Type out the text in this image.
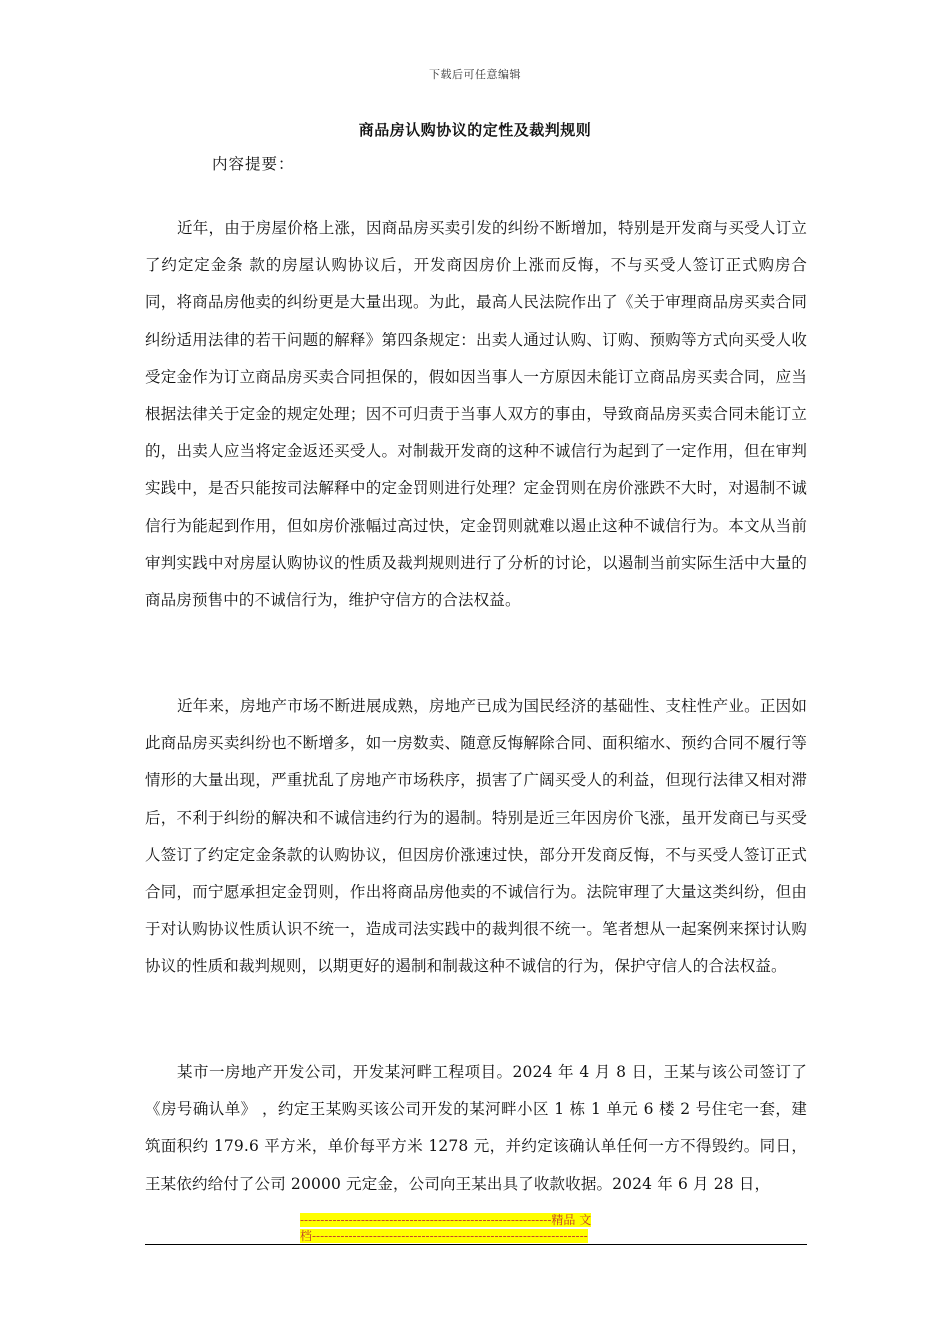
下载后可任意编辑
商品房认购协议的定性及裁判规则
内容提要：

近年，由于房屋价格上涨，因商品房买卖引发的纠纷不断增加，特别是开发商与买受人订立了约定定金条 款的房屋认购协议后，开发商因房价上涨而反悔，不与买受人签订正式购房合同，将商品房他卖的纠纷更是大量出现。为此，最高人民法院作出了《关于审理商品房买卖合同纠纷适用法律的若干问题的解释》第四条规定：出卖人通过认购、订购、预购等方式向买受人收受定金作为订立商品房买卖合同担保的，假如因当事人一方原因未能订立商品房买卖合同，应当根据法律关于定金的规定处理；因不可归责于当事人双方的事由，导致商品房买卖合同未能订立的，出卖人应当将定金返还买受人。对制裁开发商的这种不诚信行为起到了一定作用，但在审判实践中，是否只能按司法解释中的定金罚则进行处理？定金罚则在房价涨跌不大时，对遏制不诚信行为能起到作用，但如房价涨幅过高过快，定金罚则就难以遏止这种不诚信行为。本文从当前审判实践中对房屋认购协议的性质及裁判规则进行了分析的讨论，以遏制当前实际生活中大量的商品房预售中的不诚信行为，维护守信方的合法权益。

近年来，房地产市场不断进展成熟，房地产已成为国民经济的基础性、支柱性产业。正因如此商品房买卖纠纷也不断增多，如一房数卖、随意反悔解除合同、面积缩水、预约合同不履行等情形的大量出现，严重扰乱了房地产市场秩序，损害了广阔买受人的利益，但现行法律又相对滞后，不利于纠纷的解决和不诚信违约行为的遏制。特别是近三年因房价飞涨，虽开发商已与买受人签订了约定定金条款的认购协议，但因房价涨速过快，部分开发商反悔，不与买受人签订正式合同，而宁愿承担定金罚则，作出将商品房他卖的不诚信行为。法院审理了大量这类纠纷，但由于对认购协议性质认识不统一，造成司法实践中的裁判很不统一。笔者想从一起案例来探讨认购协议的性质和裁判规则，以期更好的遏制和制裁这种不诚信的行为，保护守信人的合法权益。

某市一房地产开发公司，开发某河畔工程项目。2024 年 4 月 8 日，王某与该公司签订了《房号确认单》 ，约定王某购买该公司开发的某河畔小区 1 栋 1 单元 6 楼 2 号住宅一套，建筑面积约 179.6 平方米，单价每平方米 1278 元，并约定该确认单任何一方不得毁约。同日，王某依约给付了公司 20000 元定金，公司向王某出具了收款收据。2024 年 6 月 28 日，

--------------------------------------------------------------精品 文
档--------------------------------------------------------------------
